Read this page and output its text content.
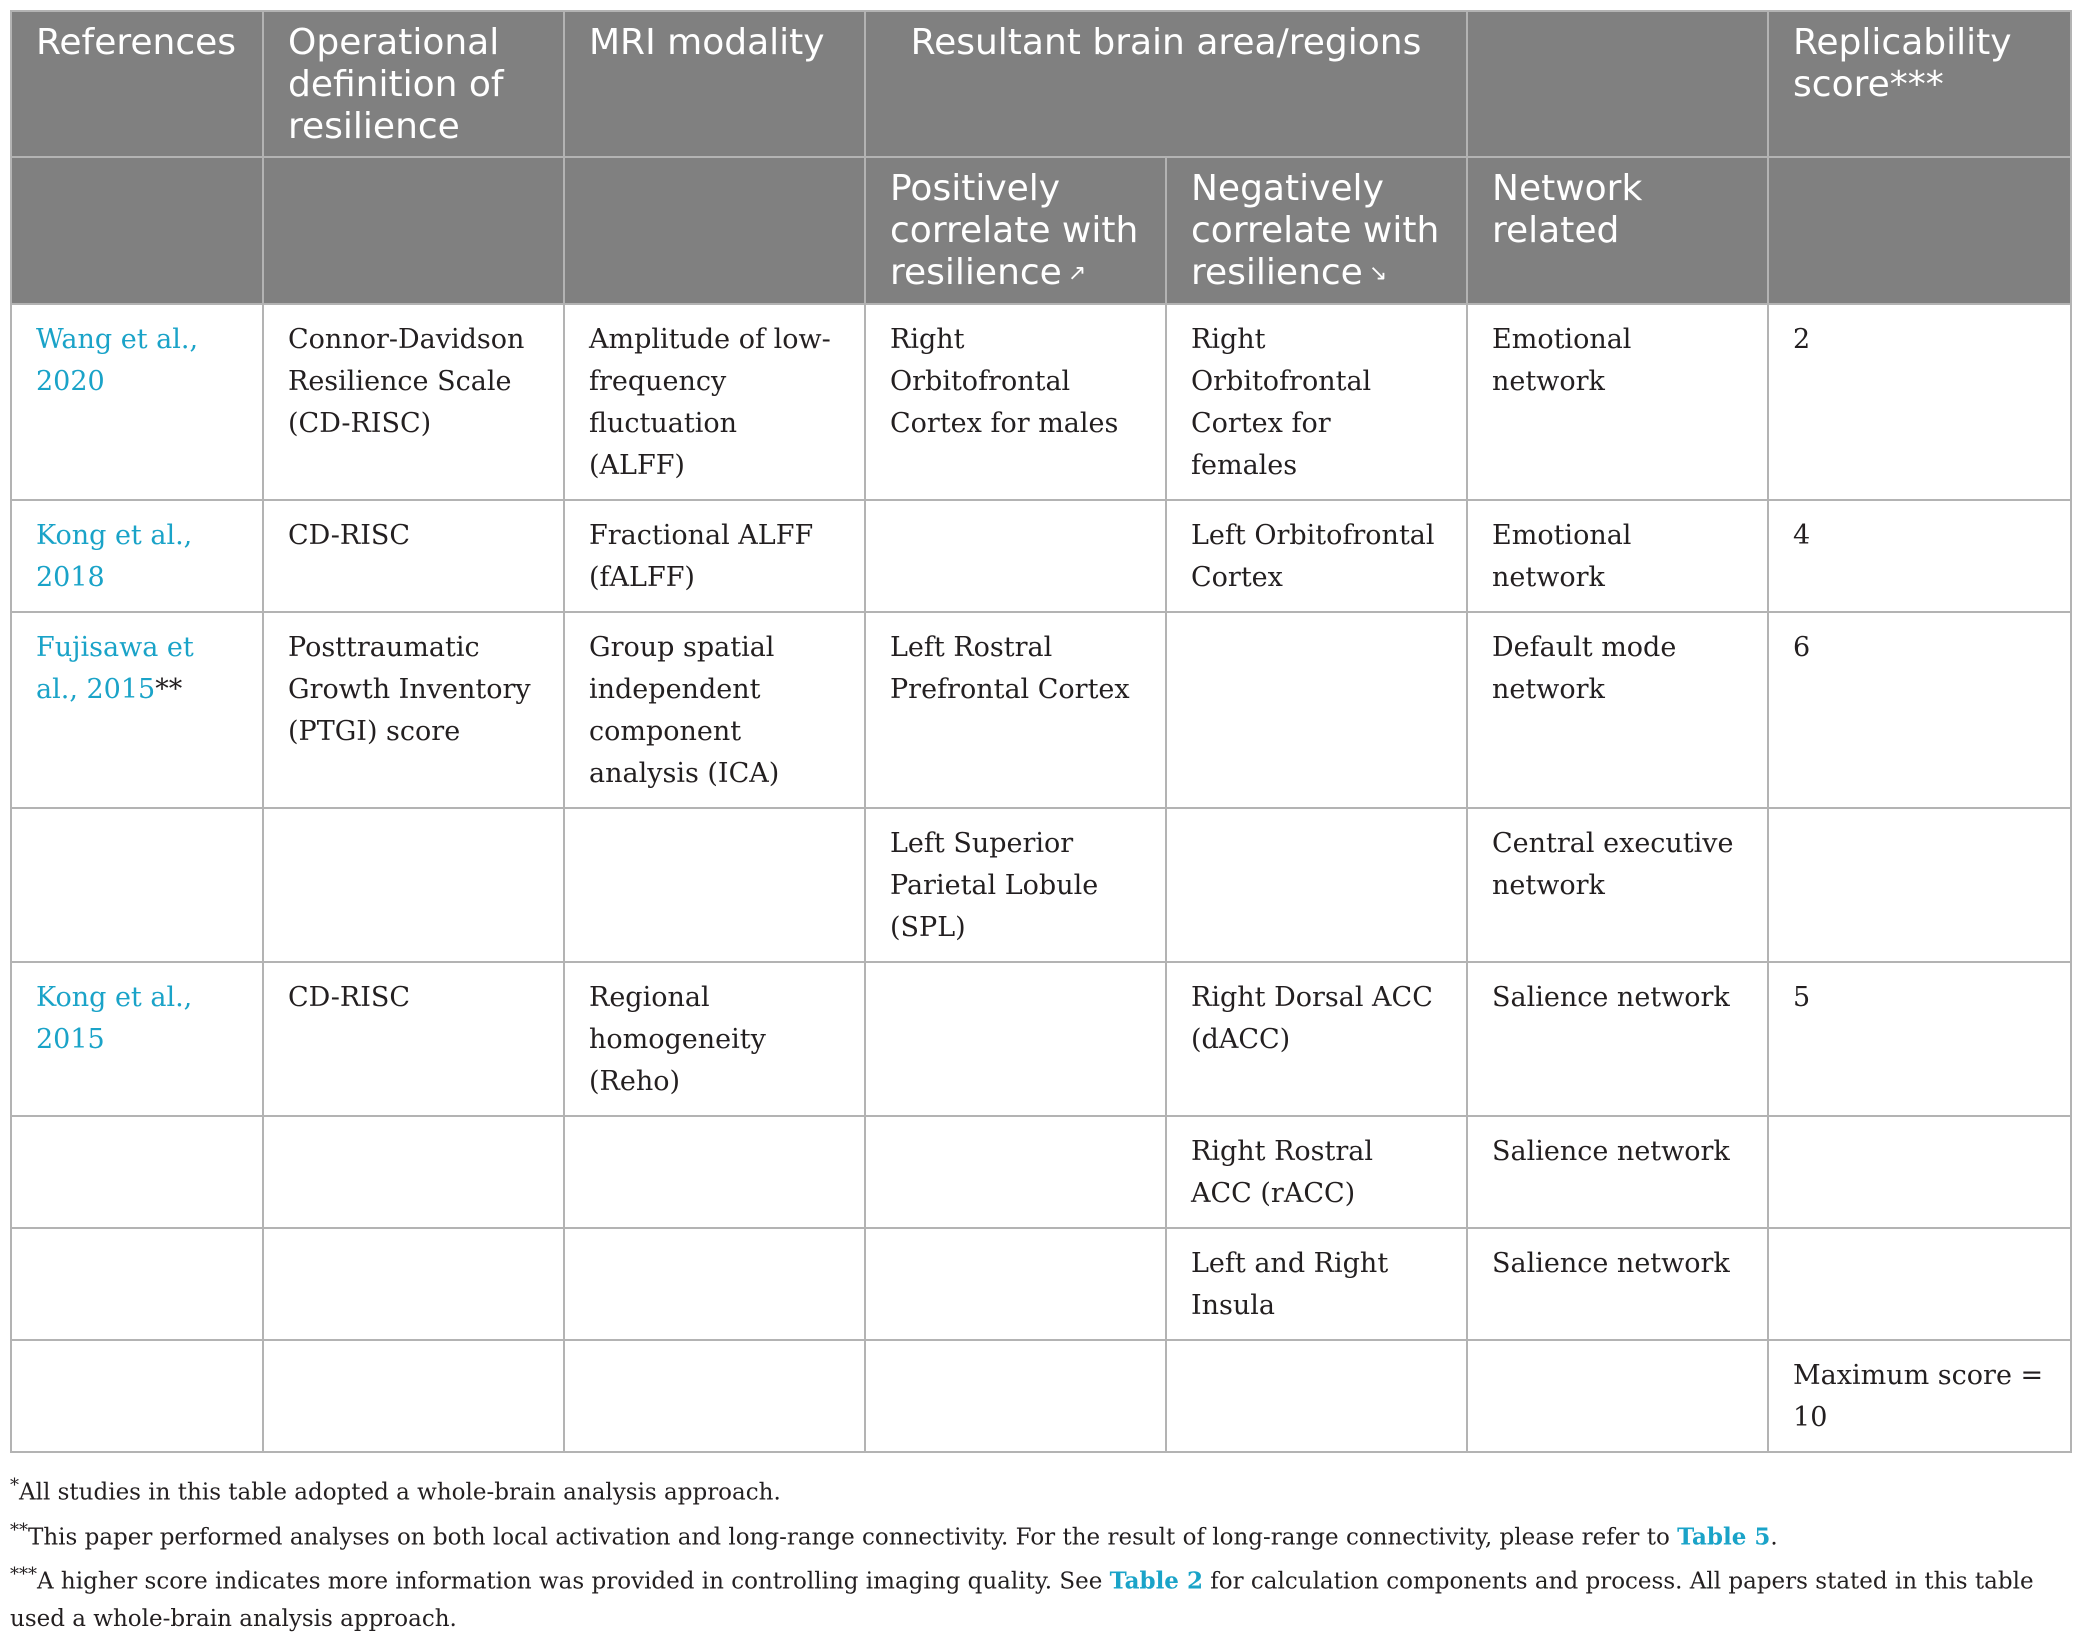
References	Operational definition of resilience	MRI modality	Resultant brain area/regions			Replicability score***
			Positively correlate with resilience ↗	Negatively correlate with resilience ↘	Network related	
Wang et al., 2020	Connor-Davidson Resilience Scale (CD-RISC)	Amplitude of low-frequency fluctuation (ALFF)	Right Orbitofrontal Cortex for males	Right Orbitofrontal Cortex for females	Emotional network	2
Kong et al., 2018	CD-RISC	Fractional ALFF (fALFF)		Left Orbitofrontal Cortex	Emotional network	4
Fujisawa et al., 2015**	Posttraumatic Growth Inventory (PTGI) score	Group spatial independent component analysis (ICA)	Left Rostral Prefrontal Cortex		Default mode network	6
			Left Superior Parietal Lobule (SPL)		Central executive network	
Kong et al., 2015	CD-RISC	Regional homogeneity (Reho)		Right Dorsal ACC (dACC)	Salience network	5
				Right Rostral ACC (rACC)	Salience network	
				Left and Right Insula	Salience network	
						Maximum score = 10

*All studies in this table adopted a whole-brain analysis approach.

**This paper performed analyses on both local activation and long-range connectivity. For the result of long-range connectivity, please refer to Table 5.

***A higher score indicates more information was provided in controlling imaging quality. See Table 2 for calculation components and process. All papers stated in this table used a whole-brain analysis approach.
